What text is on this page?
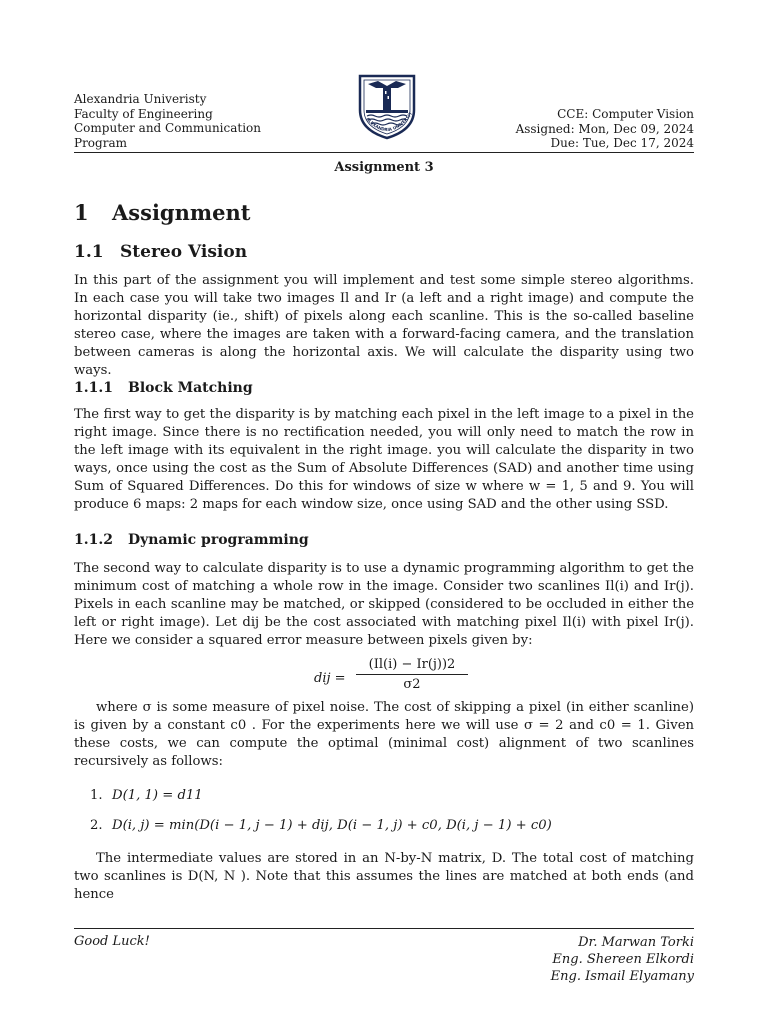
Alexandria Univeristy
Faculty of Engineering
Computer and Communication
Program
ALEXANDRIA UNIVERSIT	CCE: Computer Vision
Assigned: Mon, Dec 09, 2024
Due: Tue, Dec 17, 2024
Assignment 3
1 Assignment
1.1 Stereo Vision

In this part of the assignment you will implement and test some simple stereo algorithms. In each case you will take two images Il and Ir (a left and a right image) and compute the horizontal disparity (ie., shift) of pixels along each scanline. This is the so-called baseline stereo case, where the images are taken with a forward-facing camera, and the translation between cameras is along the horizontal axis. We will calculate the disparity using two ways.

1.1.1 Block Matching

The first way to get the disparity is by matching each pixel in the left image to a pixel in the right image. Since there is no rectification needed, you will only need to match the row in the left image with its equivalent in the right image. you will calculate the disparity in two ways, once using the cost as the Sum of Absolute Differences (SAD) and another time using Sum of Squared Differences. Do this for windows of size w where w = 1, 5 and 9. You will produce 6 maps: 2 maps for each window size, once using SAD and the other using SSD.

1.1.2 Dynamic programming

The second way to calculate disparity is to use a dynamic programming algorithm to get the minimum cost of matching a whole row in the image. Consider two scanlines Il(i) and Ir(j). Pixels in each scanline may be matched, or skipped (considered to be occluded in either the left or right image). Let dij be the cost associated with matching pixel Il(i) with pixel Ir(j). Here we consider a squared error measure between pixels given by:

dij = $\frac{(Il(i) - Ir(j))2}{\sigma 2}$

where σ is some measure of pixel noise. The cost of skipping a pixel (in either scanline) is given by a constant c0 . For the experiments here we will use σ = 2 and c0 = 1. Given these costs, we can compute the optimal (minimal cost) alignment of two scanlines recursively as follows:

1. D(1, 1) = d11
2. D(i, j) = min(D(i − 1, j − 1) + dij, D(i − 1, j) + c0, D(i, j − 1) + c0)

The intermediate values are stored in an N-by-N matrix, D. The total cost of matching two scanlines is D(N, N ). Note that this assumes the lines are matched at both ends (and hence

Good Luck!	Dr. Marwan Torki
Eng. Shereen Elkordi
Eng. Ismail Elyamany
